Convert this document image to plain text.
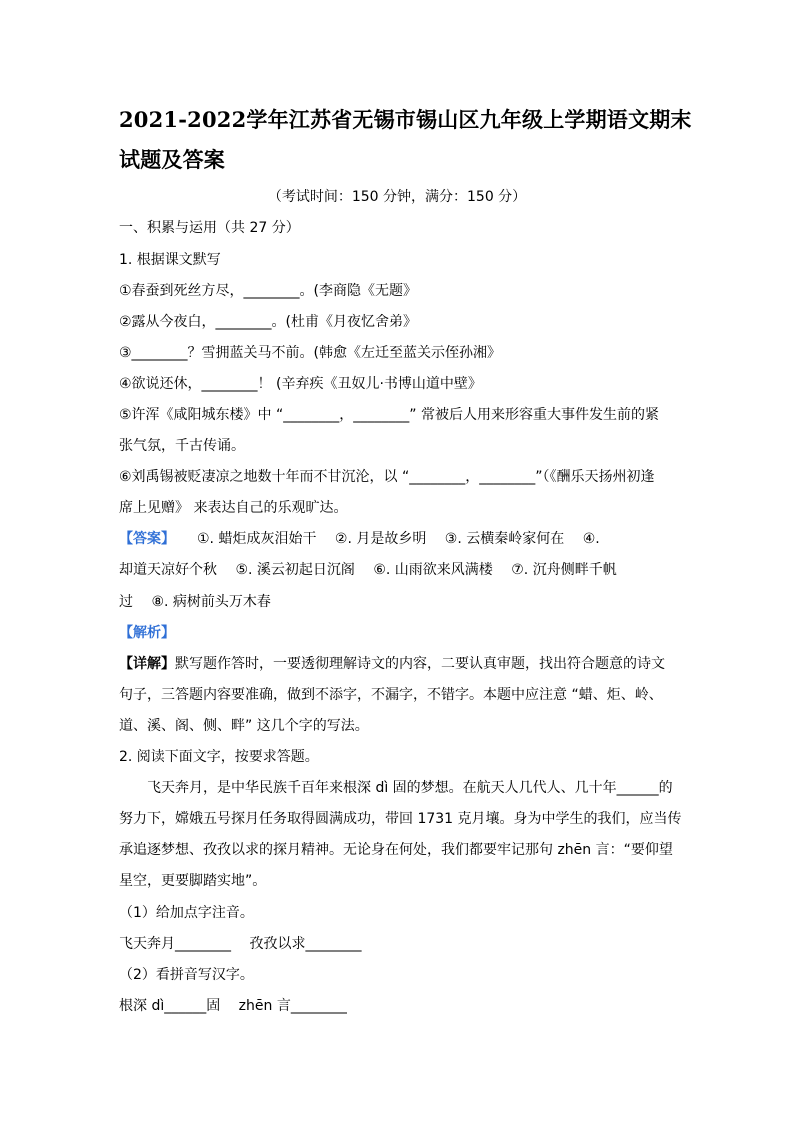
2021-2022学年江苏省无锡市锡山区九年级上学期语文期末
试题及答案
（考试时间：150 分钟，满分：150 分）
一、积累与运用（共 27 分）
1. 根据课文默写
①春蚕到死丝方尽，________。(李商隐《无题》
②露从今夜白，________。(杜甫《月夜忆舍弟》
③________？雪拥蓝关马不前。(韩愈《左迁至蓝关示侄孙湘》
④欲说还休，________！ (辛弃疾《丑奴儿·书博山道中壁》
⑤许浑《咸阳城东楼》中 “________，________” 常被后人用来形容重大事件发生前的紧
张气氛，千古传诵。
⑥刘禹锡被贬凄凉之地数十年而不甘沉沦，以 “________，________”（《酬乐天扬州初逢
席上见赠》 来表达自己的乐观旷达。
【答案】 ①. 蜡炬成灰泪始干　 ②. 月是故乡明　 ③. 云横秦岭家何在　 ④.
却道天凉好个秋　 ⑤. 溪云初起日沉阁　 ⑥. 山雨欲来风满楼　 ⑦. 沉舟侧畔千帆
过　 ⑧. 病树前头万木春
【解析】
【详解】默写题作答时，一要透彻理解诗文的内容，二要认真审题，找出符合题意的诗文
句子，三答题内容要准确，做到不添字，不漏字，不错字。本题中应注意 “蜡、炬、岭、
道、溪、阁、侧、畔” 这几个字的写法。
2. 阅读下面文字，按要求答题。
飞天奔月，是中华民族千百年来根深 dì 固的梦想。在航天人几代人、几十年______的
努力下，嫦娥五号探月任务取得圆满成功，带回 1731 克月壤。身为中学生的我们，应当传
承追逐梦想、孜孜以求的探月精神。无论身在何处，我们都要牢记那句 zhēn 言：“要仰望
星空，更要脚踏实地”。
（1）给加点字注音。
飞天奔月________　 孜孜以求________
（2）看拼音写汉字。
根深 dì______固　 zhēn 言________
